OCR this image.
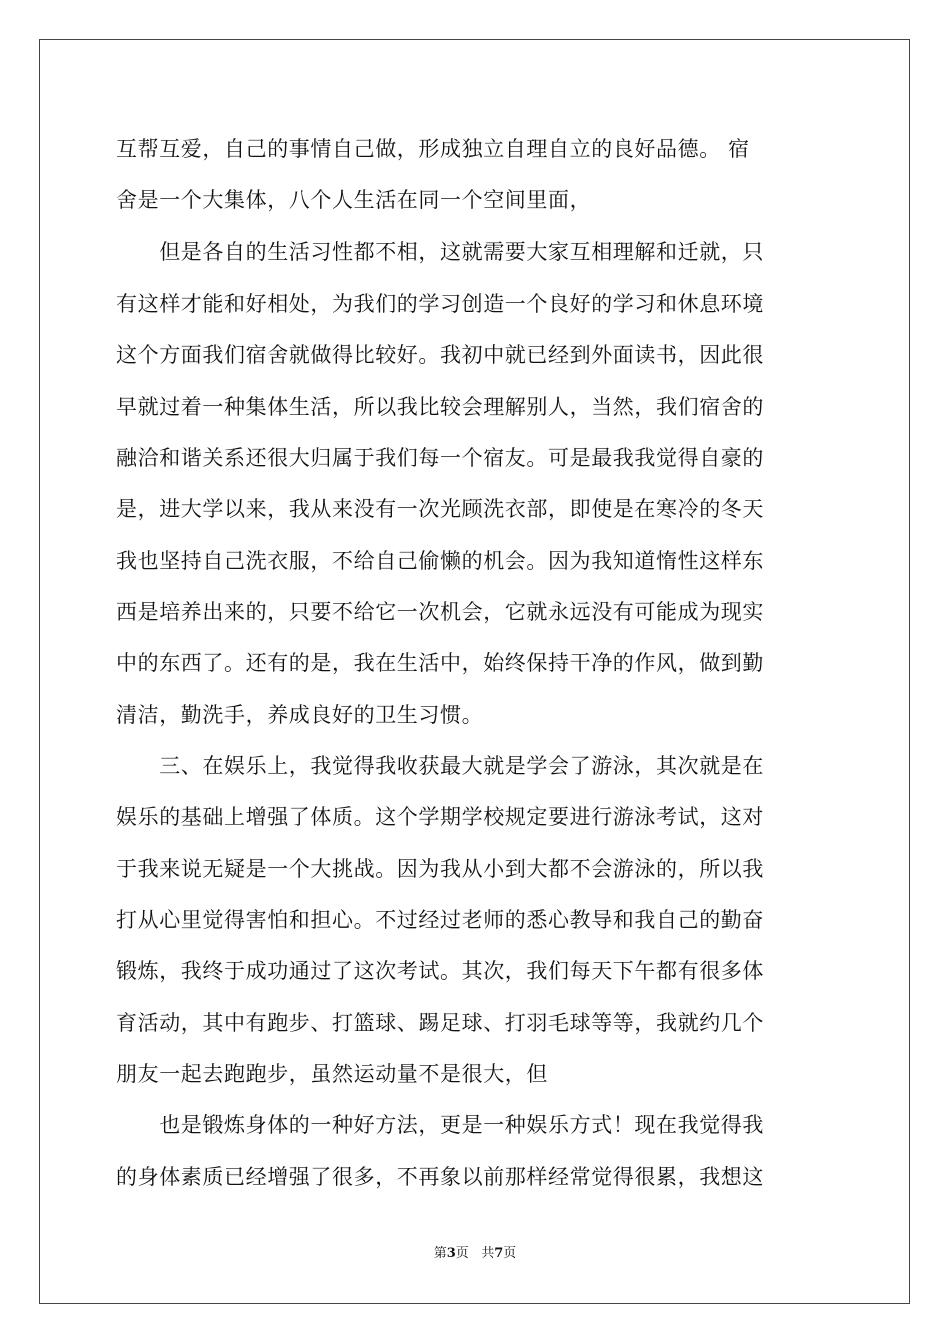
互帮互爱，自己的事情自己做，形成独立自理自立的良好品德。 宿
舍是一个大集体，八个人生活在同一个空间里面，
　　但是各自的生活习性都不相，这就需要大家互相理解和迁就，只
有这样才能和好相处，为我们的学习创造一个良好的学习和休息环境
这个方面我们宿舍就做得比较好。我初中就已经到外面读书，因此很
早就过着一种集体生活，所以我比较会理解别人，当然，我们宿舍的
融洽和谐关系还很大归属于我们每一个宿友。可是最我我觉得自豪的
是，进大学以来，我从来没有一次光顾洗衣部，即使是在寒冷的冬天
我也坚持自己洗衣服，不给自己偷懒的机会。因为我知道惰性这样东
西是培养出来的，只要不给它一次机会，它就永远没有可能成为现实
中的东西了。还有的是，我在生活中，始终保持干净的作风，做到勤
清洁，勤洗手，养成良好的卫生习惯。
　　三、在娱乐上，我觉得我收获最大就是学会了游泳，其次就是在
娱乐的基础上增强了体质。这个学期学校规定要进行游泳考试，这对
于我来说无疑是一个大挑战。因为我从小到大都不会游泳的，所以我
打从心里觉得害怕和担心。不过经过老师的悉心教导和我自己的勤奋
锻炼，我终于成功通过了这次考试。其次，我们每天下午都有很多体
育活动，其中有跑步、打篮球、踢足球、打羽毛球等等，我就约几个
朋友一起去跑跑步，虽然运动量不是很大，但
　　也是锻炼身体的一种好方法，更是一种娱乐方式！现在我觉得我
的身体素质已经增强了很多，不再象以前那样经常觉得很累，我想这
第3页 共7页
